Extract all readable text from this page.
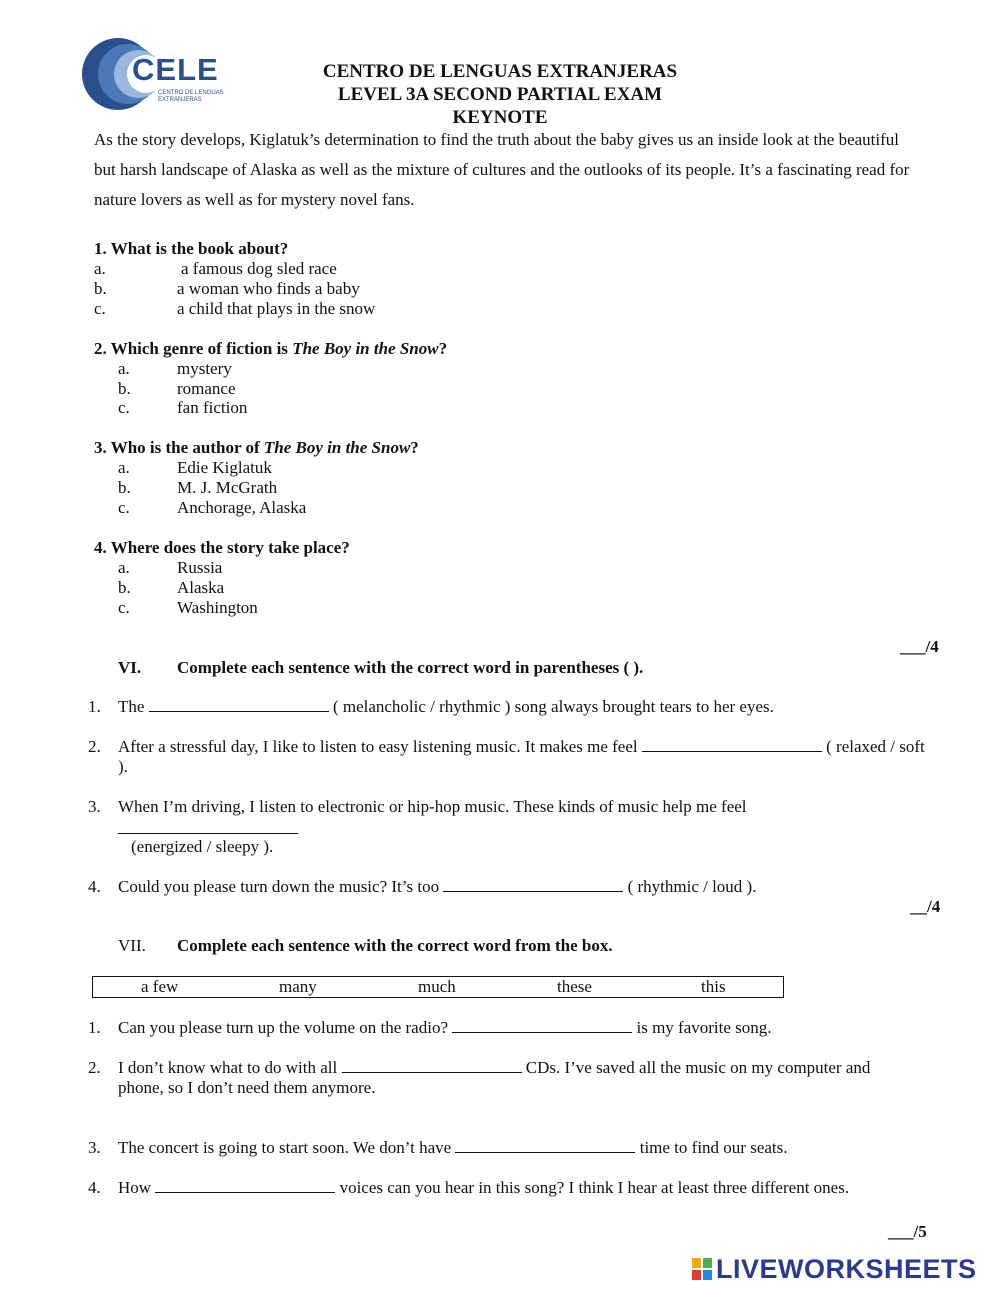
CELE
CENTRO DE LENGUAS EXTRANJERAS
CENTRO DE LENGUAS EXTRANJERAS
LEVEL 3A SECOND PARTIAL EXAM
KEYNOTE
As the story develops, Kiglatuk’s determination to find the truth about the baby gives us an inside look at the beautiful but harsh landscape of Alaska as well as the mixture of cultures and the outlooks of its people. It’s a fascinating read for nature lovers as well as for mystery novel fans.
1. What is the book about?
a.	a famous dog sled race
b.	a woman who finds a baby
c.	a child that plays in the snow
2. Which genre of fiction is The Boy in the Snow?
a.	mystery
b.	romance
c.	fan fiction
3. Who is the author of The Boy in the Snow?
a.	Edie Kiglatuk
b.	M. J. McGrath
c.	Anchorage, Alaska
4. Where does the story take place?
a.	Russia
b.	Alaska
c.	Washington
___/4
VI. Complete each sentence with the correct word in parentheses ( ).
1. The	( melancholic / rhythmic ) song always brought tears to her eyes.
2. After a stressful day, I like to listen to easy listening music. It makes me feel	( relaxed / soft ).
3. When I’m driving, I listen to electronic or hip-hop music. These kinds of music help me feel
(energized / sleepy ).
4. Could you please turn down the music? It’s too	( rhythmic / loud ).
__/4
VII. Complete each sentence with the correct word from the box.
a few	many	much	these	this
1. Can you please turn up the volume on the radio?	is my favorite song.
2. I don’t know what to do with all	CDs. I’ve saved all the music on my computer and phone, so I don’t need them anymore.
3. The concert is going to start soon. We don’t have	time to find our seats.
4. How	voices can you hear in this song? I think I hear at least three different ones.
___/5
LIVEWORKSHEETS
